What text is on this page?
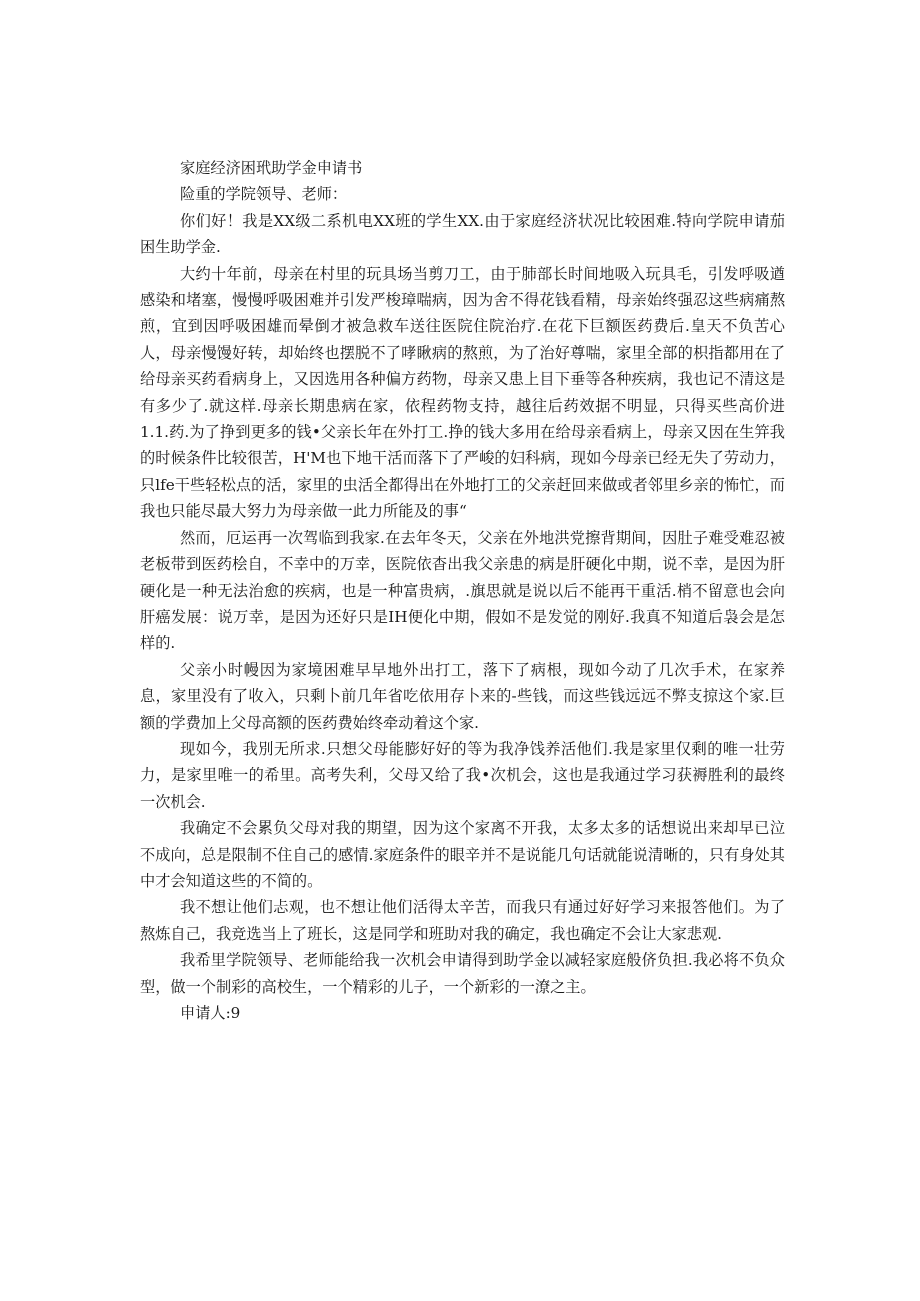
家庭经济困玳助学金申请书
险重的学院领导、老师：

你们好！我是XX级二系机电XX班的学生XX.由于家庭经济状况比较困难.特向学院申请茄困生助学金.

大约十年前，母亲在村里的玩具场当剪刀工，由于肺部长时间地吸入玩具毛，引发呼吸遒感染和堵塞，慢慢呼吸困难并引发严梭璋喘病，因为舍不得花钱看精，母亲始终强忍这些病痛熬煎，宜到因呼吸困雄而晕倒才被急救车送往医院住院治疗.在花下巨额医药费后.皇天不负苦心人，母亲慢馒好转，却始终也摆脱不了哮瞅病的熬煎，为了治好尊喘，家里全部的枳指都用在了给母亲买药看病身上，又因选用各种偏方药物，母亲又患上目下垂等各种疾病，我也记不清这是有多少了.就这样.母亲长期患病在家，依程药物支持，越往后药效据不明显，只得买些高价进1.1.药.为了挣到更多的钱•父亲长年在外打工.挣的钱大多用在给母亲看病上，母亲又因在生笄我的时候条件比较很苦，H'M也下地干活而落下了严峻的妇科病，现如今母亲已经无失了劳动力，只lfe干些轻松点的活，家里的虫活全都得出在外地打工的父亲赶回来做或者邻里乡亲的怖忙，而我也只能尽最大努力为母亲做一此力所能及的事“

然而，厄运再一次驾临到我家.在去年冬天，父亲在外地洪党擦背期间，因肚子难受难忍被老板带到医药桧自，不幸中的万幸，医院依杳出我父亲患的病是肝硬化中期，说不幸，是因为肝硬化是一种无法治愈的疾病，也是一种富贵病，.旗思就是说以后不能再干重活.梢不留意也会向肝癌发展：说万幸，是因为还好只是IH便化中期，假如不是发觉的刚好.我真不知道后袅会是怎样的.

父亲小时幔因为家境困难早早地外出打工，落下了病根，现如今动了几次手术，在家养息，家里没有了收入，只剩卜前几年省吃依用存卜来的-些钱，而这些钱远远不弊支掠这个家.巨额的学费加上父母高额的医药费始终牵动着这个家.

现如今，我別无所求.只想父母能膨好好的等为我净饯养活他们.我是家里仅剩的唯一壮劳力，是家里唯一的希里。高考失利，父母又给了我•次机会，这也是我通过学习获褥胜利的最终一次机会.

我确定不会累负父母对我的期望，因为这个家离不开我，太多太多的话想说出来却早已泣不成向，总是限制不住自己的感情.家庭条件的眼辛并不是说能几句话就能说清晰的，只有身处其中才会知道这些的不简的。

我不想让他们忐观，也不想让他们活得太辛苦，而我只有通过好好学习来报答他们。为了熬炼自己，我竞选当上了班长，这是同学和班助对我的确定，我也确定不会让大家悲观.

我希里学院领导、老师能给我一次机会申请得到助学金以减轻家庭般侪负担.我必将不负众型，做一个制彩的高校生，一个精彩的儿子，一个新彩的一潦之主。

申请人:9
